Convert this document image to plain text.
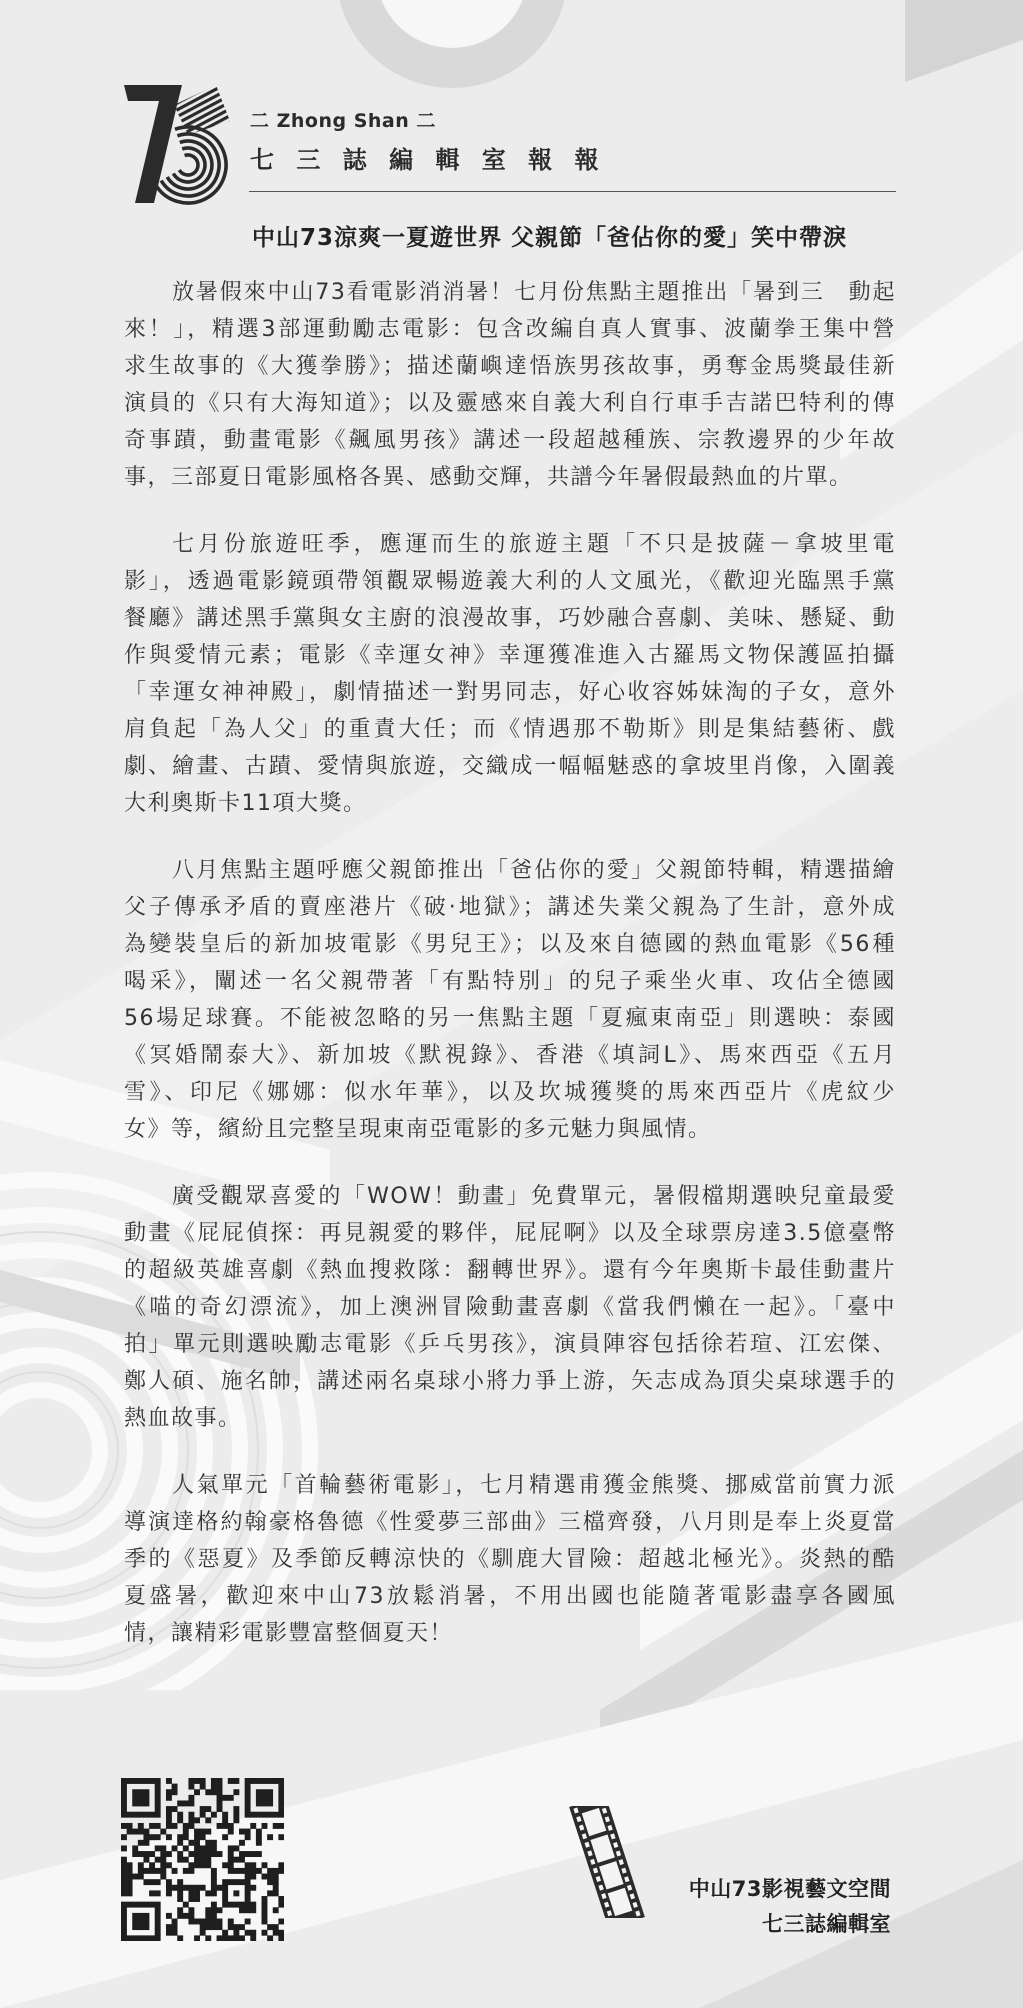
二 Zhong Shan 二
七 三 誌 編 輯 室 報 報
中山73涼爽一夏遊世界 父親節「爸佔你的愛」笑中帶淚
放暑假來中山73看電影消消暑！七月份焦點主題推出「暑到三　動起
來！」，精選3部運動勵志電影：包含改編自真人實事、波蘭拳王集中營
求生故事的《大獲拳勝》；描述蘭嶼達悟族男孩故事，勇奪金馬獎最佳新
演員的《只有大海知道》；以及靈感來自義大利自行車手吉諾巴特利的傳
奇事蹟，動畫電影《飆風男孩》講述一段超越種族、宗教邊界的少年故
事，三部夏日電影風格各異、感動交輝，共譜今年暑假最熱血的片單。
七月份旅遊旺季，應運而生的旅遊主題「不只是披薩－拿坡里電
影」，透過電影鏡頭帶領觀眾暢遊義大利的人文風光，《歡迎光臨黑手黨
餐廳》講述黑手黨與女主廚的浪漫故事，巧妙融合喜劇、美味、懸疑、動
作與愛情元素；電影《幸運女神》幸運獲准進入古羅馬文物保護區拍攝
「幸運女神神殿」，劇情描述一對男同志，好心收容姊妹淘的子女，意外
肩負起「為人父」的重責大任；而《情遇那不勒斯》則是集結藝術、戲
劇、繪畫、古蹟、愛情與旅遊，交織成一幅幅魅惑的拿坡里肖像，入圍義
大利奧斯卡11項大獎。
八月焦點主題呼應父親節推出「爸佔你的愛」父親節特輯，精選描繪
父子傳承矛盾的賣座港片《破·地獄》；講述失業父親為了生計，意外成
為變裝皇后的新加坡電影《男兒王》；以及來自德國的熱血電影《56種
喝采》，闡述一名父親帶著「有點特別」的兒子乘坐火車、攻佔全德國
56場足球賽。不能被忽略的另一焦點主題「夏瘋東南亞」則選映：泰國
《冥婚鬧泰大》、新加坡《默視錄》、香港《填詞L》、馬來西亞《五月
雪》、印尼《娜娜：似水年華》，以及坎城獲獎的馬來西亞片《虎紋少
女》等，繽紛且完整呈現東南亞電影的多元魅力與風情。
廣受觀眾喜愛的「WOW！動畫」免費單元，暑假檔期選映兒童最愛
動畫《屁屁偵探：再見親愛的夥伴，屁屁啊》以及全球票房達3.5億臺幣
的超級英雄喜劇《熱血搜救隊：翻轉世界》。還有今年奧斯卡最佳動畫片
《喵的奇幻漂流》，加上澳洲冒險動畫喜劇《當我們懶在一起》。「臺中
拍」單元則選映勵志電影《乒乓男孩》，演員陣容包括徐若瑄、江宏傑、
鄭人碩、施名帥，講述兩名桌球小將力爭上游，矢志成為頂尖桌球選手的
熱血故事。
人氣單元「首輪藝術電影」，七月精選甫獲金熊獎、挪威當前實力派
導演達格約翰豪格魯德《性愛夢三部曲》三檔齊發，八月則是奉上炎夏當
季的《惡夏》及季節反轉涼快的《馴鹿大冒險：超越北極光》。炎熱的酷
夏盛暑，歡迎來中山73放鬆消暑，不用出國也能隨著電影盡享各國風
情，讓精彩電影豐富整個夏天！
中山73影視藝文空間
七三誌編輯室
